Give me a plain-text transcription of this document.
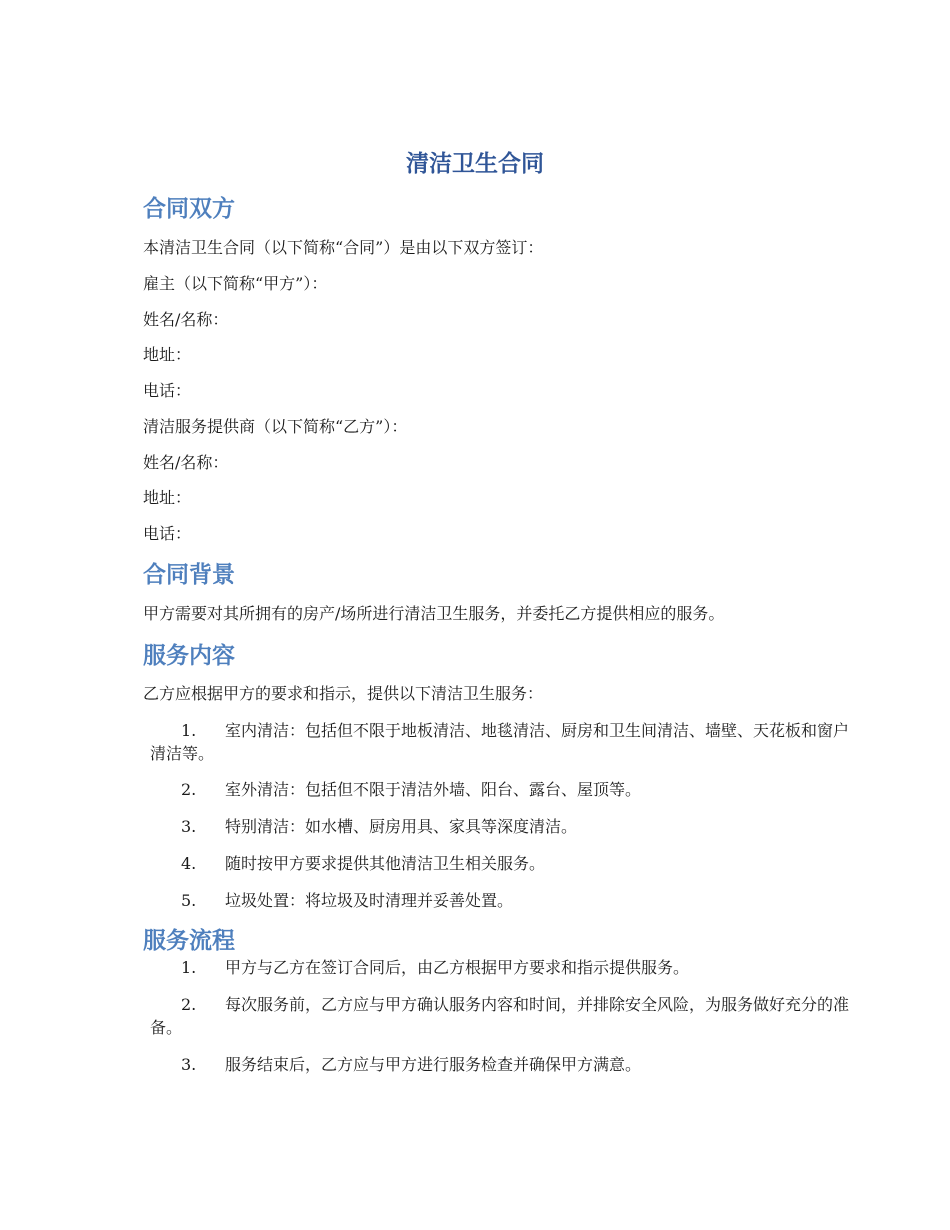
清洁卫生合同
合同双方

本清洁卫生合同（以下简称“合同”）是由以下双方签订：

雇主（以下简称“甲方”）：

姓名/名称：

地址：

电话：

清洁服务提供商（以下简称“乙方”）：

姓名/名称：

地址：

电话：

合同背景

甲方需要对其所拥有的房产/场所进行清洁卫生服务，并委托乙方提供相应的服务。

服务内容

乙方应根据甲方的要求和指示，提供以下清洁卫生服务：

1.	室内清洁：包括但不限于地板清洁、地毯清洁、厨房和卫生间清洁、墙壁、天花板和窗户清洁等。
2.	室外清洁：包括但不限于清洁外墙、阳台、露台、屋顶等。
3.	特别清洁：如水槽、厨房用具、家具等深度清洁。
4.	随时按甲方要求提供其他清洁卫生相关服务。
5.	垃圾处置：将垃圾及时清理并妥善处置。
服务流程
1.	甲方与乙方在签订合同后，由乙方根据甲方要求和指示提供服务。
2.	每次服务前，乙方应与甲方确认服务内容和时间，并排除安全风险，为服务做好充分的准备。
3.	服务结束后，乙方应与甲方进行服务检查并确保甲方满意。
